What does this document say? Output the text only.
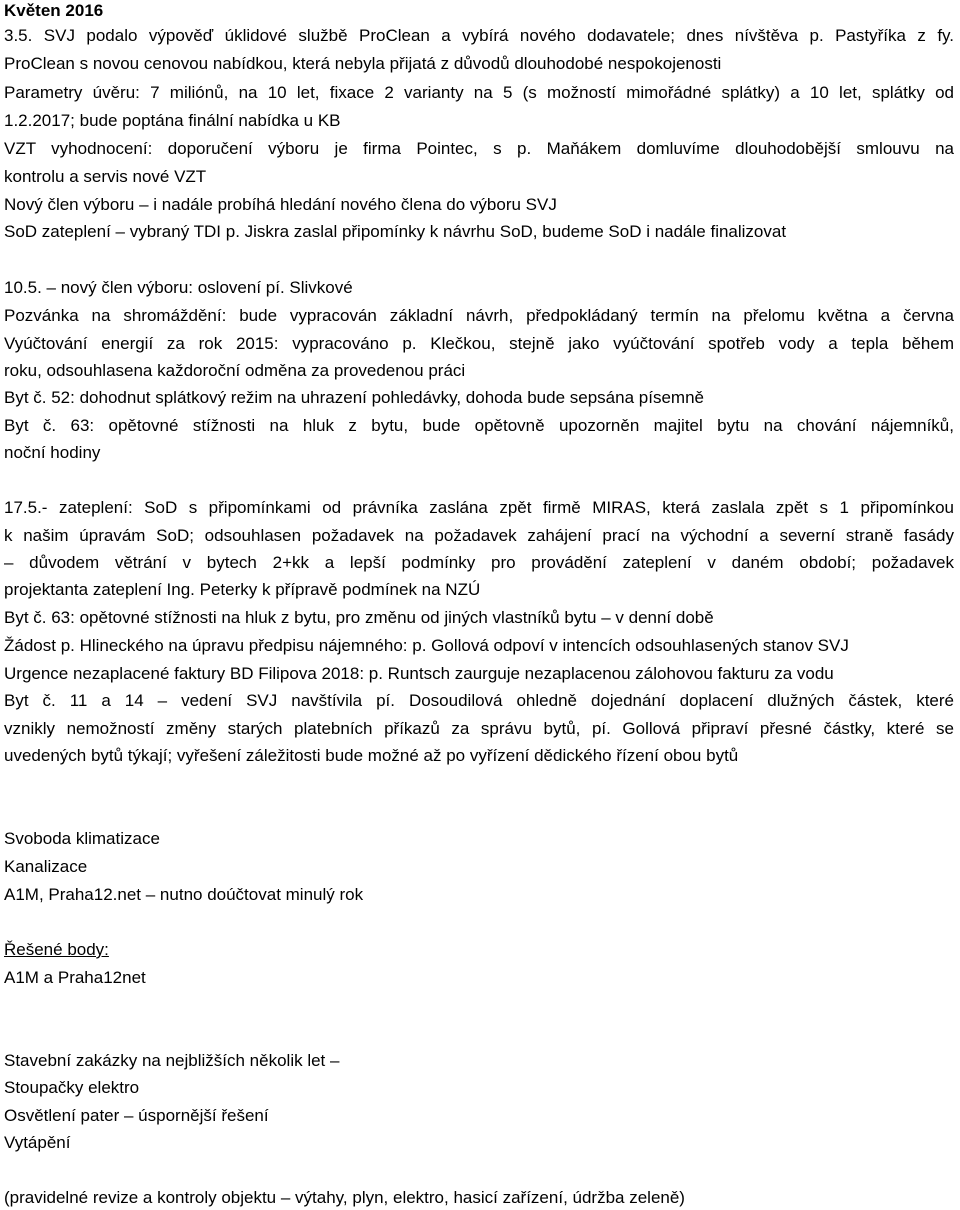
Květen 2016
3.5. SVJ podalo výpověď úklidové službě ProClean a vybírá nového dodavatele; dnes nívštěva p. Pastyříka z fy.
ProClean s novou cenovou nabídkou, která nebyla přijatá z důvodů dlouhodobé nespokojenosti
Parametry úvěru: 7 miliónů, na 10 let, fixace 2 varianty na 5 (s možností mimořádné splátky) a 10 let, splátky od
1.2.2017; bude poptána finální nabídka u KB
VZT vyhodnocení: doporučení výboru je firma Pointec, s p. Maňákem domluvíme dlouhodobější smlouvu na
kontrolu a servis nové VZT
Nový člen výboru – i nadále probíhá hledání nového člena do výboru SVJ
SoD zateplení – vybraný TDI p. Jiskra zaslal připomínky k návrhu SoD, budeme SoD i nadále finalizovat
10.5. – nový člen výboru: oslovení pí. Slivkové
Pozvánka na shromáždění: bude vypracován základní návrh, předpokládaný termín na přelomu května a června
Vyúčtování energií za rok 2015: vypracováno p. Klečkou, stejně jako vyúčtování spotřeb vody a tepla během
roku, odsouhlasena každoroční odměna za provedenou práci
Byt č. 52: dohodnut splátkový režim na uhrazení pohledávky, dohoda bude sepsána písemně
Byt č. 63: opětovné stížnosti na hluk z bytu, bude opětovně upozorněn majitel bytu na chování nájemníků,
noční hodiny
17.5.- zateplení: SoD s připomínkami od právníka zaslána zpět firmě MIRAS, která zaslala zpět s 1 připomínkou
k našim úpravám SoD; odsouhlasen požadavek na požadavek zahájení prací na východní a severní straně fasády
– důvodem větrání v bytech 2+kk a lepší podmínky pro provádění zateplení v daném období; požadavek
projektanta zateplení Ing. Peterky k přípravě podmínek na NZÚ
Byt č. 63: opětovné stížnosti na hluk z bytu, pro změnu od jiných vlastníků bytu – v denní době
Žádost p. Hlineckého na úpravu předpisu nájemného: p. Gollová odpoví v intencích odsouhlasených stanov SVJ
Urgence nezaplacené faktury BD Filipova 2018: p. Runtsch zaurguje nezaplacenou zálohovou fakturu za vodu
Byt č. 11 a 14 – vedení SVJ navštívila pí. Dosoudilová ohledně dojednání doplacení dlužných částek, které
vznikly nemožností změny starých platebních příkazů za správu bytů, pí. Gollová připraví přesné částky, které se
uvedených bytů týkají; vyřešení záležitosti bude možné až po vyřízení dědického řízení obou bytů
Svoboda klimatizace
Kanalizace
A1M, Praha12.net – nutno doúčtovat minulý rok
Řešené body:
A1M a Praha12net
Stavební zakázky na nejbližších několik let –
Stoupačky elektro
Osvětlení pater – úspornější řešení
Vytápění
(pravidelné revize a kontroly objektu – výtahy, plyn, elektro, hasicí zařízení, údržba zeleně)
